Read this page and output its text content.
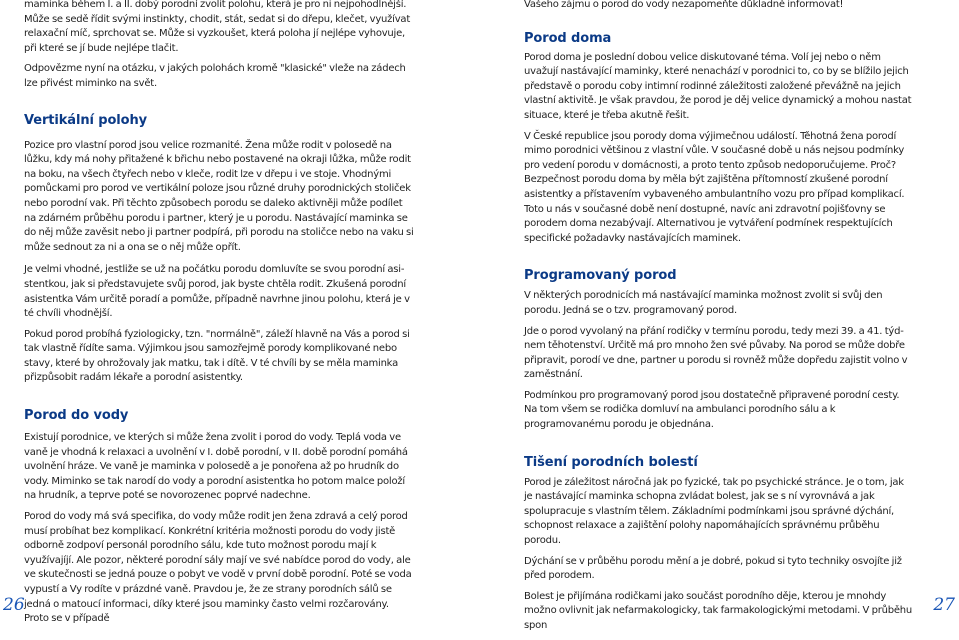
maminka během I. a II. dobý porodní zvolit polohu, která je pro ni nejpohodlnější. Může se sedě řídit svými instinkty, chodit, stát, sedat si do dřepu, klečet, využívat relaxační míč, sprchovat se. Může si vyzkoušet, která poloha jí nejlépe vyhovuje, při které se jí bude nejlépe tlačit.

Odpovězme nyní na otázku, v jakých polohách kromě "klasické" vleže na zádech lze přivést miminko na svět.

Vertikální polohy

Pozice pro vlastní porod jsou velice rozmanité. Žena může rodit v polosedě na lůžku, kdy má nohy přitažené k břichu nebo postavené na okraji lůžka, může rodit na boku, na všech čtyřech nebo v kleče, rodit lze v dřepu i ve stoje. Vhodnými pomůckami pro porod ve vertikální poloze jsou různé druhy porodnických stoliček nebo porodní vak. Při těchto způsobech porodu se daleko aktivněji může podílet na zdárném průběhu porodu i partner, který je u porodu. Nastávající maminka se do něj může zavěsit nebo ji partner podpírá, při porodu na stoličce nebo na vaku si může sednout za ni a ona se o něj může opřít.

Je velmi vhodné, jestliže se už na počátku porodu domluvíte se svou porodní asistentkou, jak si představujete svůj porod, jak byste chtěla rodit. Zkušená porodní asistentka Vám určitě poradí a pomůže, případně navrhne jinou polohu, která je v té chvíli vhodnější.

Pokud porod probíhá fyziologicky, tzn. "normálně", záleží hlavně na Vás a porod si tak vlastně řídíte sama. Výjimkou jsou samozřejmě porody komplikované nebo stavy, které by ohrožovaly jak matku, tak i dítě. V té chvíli by se měla maminka přizpůsobit radám lékaře a porodní asistentky.

Porod do vody

Existují porodnice, ve kterých si může žena zvolit i porod do vody. Teplá voda ve vaně je vhodná k relaxaci a uvolnění v I. době porodní, v II. době porodní pomáhá uvolnění hráze. Ve vaně je maminka v polosedě a je ponořena až po hrudník do vody. Miminko se tak narodí do vody a porodní asistentka ho potom malce položí na hrudník, a teprve poté se novorozenec poprvé nadechne.

Porod do vody má svá specifika, do vody může rodit jen žena zdravá a celý porod musí probíhat bez komplikací. Konkrétní kritéria možnosti porodu do vody jistě odborně zodpoví personál porodního sálu, kde tuto možnost porodu mají k využívajíjí. Ale pozor, některé porodní sály mají ve své nabídce porod do vody, ale ve skutečnosti se jedná pouze o pobyt ve vodě v první době porodní. Poté se voda vypustí a Vy rodíte v prázdné vaně. Pravdou je, že ze strany porodních sálů se jedná o matoucí informaci, díky které jsou maminky často velmi rozčarovány. Proto se v případě

Vašeho zájmu o porod do vody nezapomeňte důkladně informovat!

Porod doma

Porod doma je poslední dobou velice diskutované téma. Volí jej nebo o něm uvažují nastávající maminky, které nenachází v porodnici to, co by se blížilo jejich představě o porodu coby intimní rodinné záležitosti založené převážně na jejich vlastní aktivitě. Je však pravdou, že porod je děj velice dynamický a mohou nastat situace, které je třeba akutně řešit.

V České republice jsou porody doma výjimečnou událostí. Těhotná žena porodí mimo porodnici většinou z vlastní vůle. V současné době u nás nejsou podmínky pro vedení porodu v domácnosti, a proto tento způsob nedoporučujeme. Proč? Bezpečnost porodu doma by měla být zajištěna přítomností zkušené porodní asistentky a přístavením vybaveného ambulantního vozu pro případ komplikací. Toto u nás v současné době není dostupné, navíc ani zdravotní pojišťovny se porodem doma nezabývají. Alternativou je vytváření podmínek respektujících specifické požadavky nastávajících maminek.

Programovaný porod

V některých porodnicích má nastávající maminka možnost zvolit si svůj den porodu. Jedná se o tzv. programovaný porod.

Jde o porod vyvolaný na přání rodičky v termínu porodu, tedy mezi 39. a 41. týdnem těhotenství. Určitě má pro mnoho žen své půvaby. Na porod se může dobře připravit, porodí ve dne, partner u porodu si rovněž může dopředu zajistit volno v zaměstnání.

Podmínkou pro programovaný porod jsou dostatečně připravené porodní cesty. Na tom všem se rodička domluví na ambulanci porodního sálu a k programovanému porodu je objednána.

Tišení porodních bolestí

Porod je záležitost náročná jak po fyzické, tak po psychické stránce. Je o tom, jak je nastávající maminka schopna zvládat bolest, jak se s ní vyrovnává a jak spolupracuje s vlastním tělem. Základními podmínkami jsou správné dýchání, schopnost relaxace a zajištění polohy napomáhajících správnému průběhu porodu.

Dýchání se v průběhu porodu mění a je dobré, pokud si tyto techniky osvojíte již před porodem.

Bolest je přijímána rodičkami jako součást porodního děje, kterou je mnohdy možno ovlivnit jak nefarmakologicky, tak farmakologickými metodami. V průběhu spon

26	27
